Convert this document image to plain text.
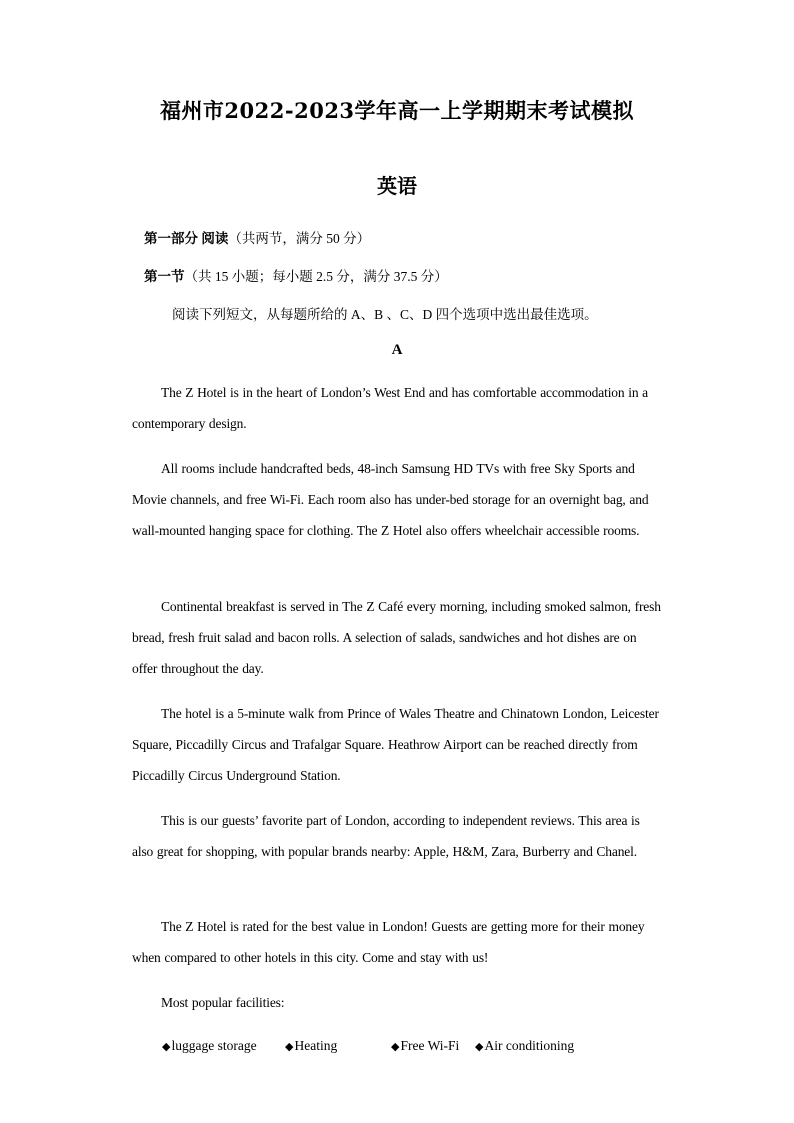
福州市2022-2023学年高一上学期期末考试模拟
英语
第一部分 阅读（共两节，满分 50 分）
第一节（共 15 小题；每小题 2.5 分，满分 37.5 分）
阅读下列短文，从每题所给的 A、B 、C、D 四个选项中选出最佳选项。
A

The Z Hotel is in the heart of London’s West End and has comfortable accommodation in a contemporary design.

All rooms include handcrafted beds, 48-inch Samsung HD TVs with free Sky Sports and Movie channels, and free Wi-Fi. Each room also has under-bed storage for an overnight bag, and wall-mounted hanging space for clothing. The Z Hotel also offers wheelchair accessible rooms.

Continental breakfast is served in The Z Café every morning, including smoked salmon, fresh bread, fresh fruit salad and bacon rolls. A selection of salads, sandwiches and hot dishes are on offer throughout the day.

The hotel is a 5-minute walk from Prince of Wales Theatre and Chinatown London, Leicester Square, Piccadilly Circus and Trafalgar Square. Heathrow Airport can be reached directly from Piccadilly Circus Underground Station.

This is our guests’ favorite part of London, according to independent reviews. This area is also great for shopping, with popular brands nearby: Apple, H&M, Zara, Burberry and Chanel.

The Z Hotel is rated for the best value in London! Guests are getting more for their money when compared to other hotels in this city. Come and stay with us!

Most popular facilities:

◆luggage storage	◆Heating	◆Free Wi-Fi ◆Air conditioning
